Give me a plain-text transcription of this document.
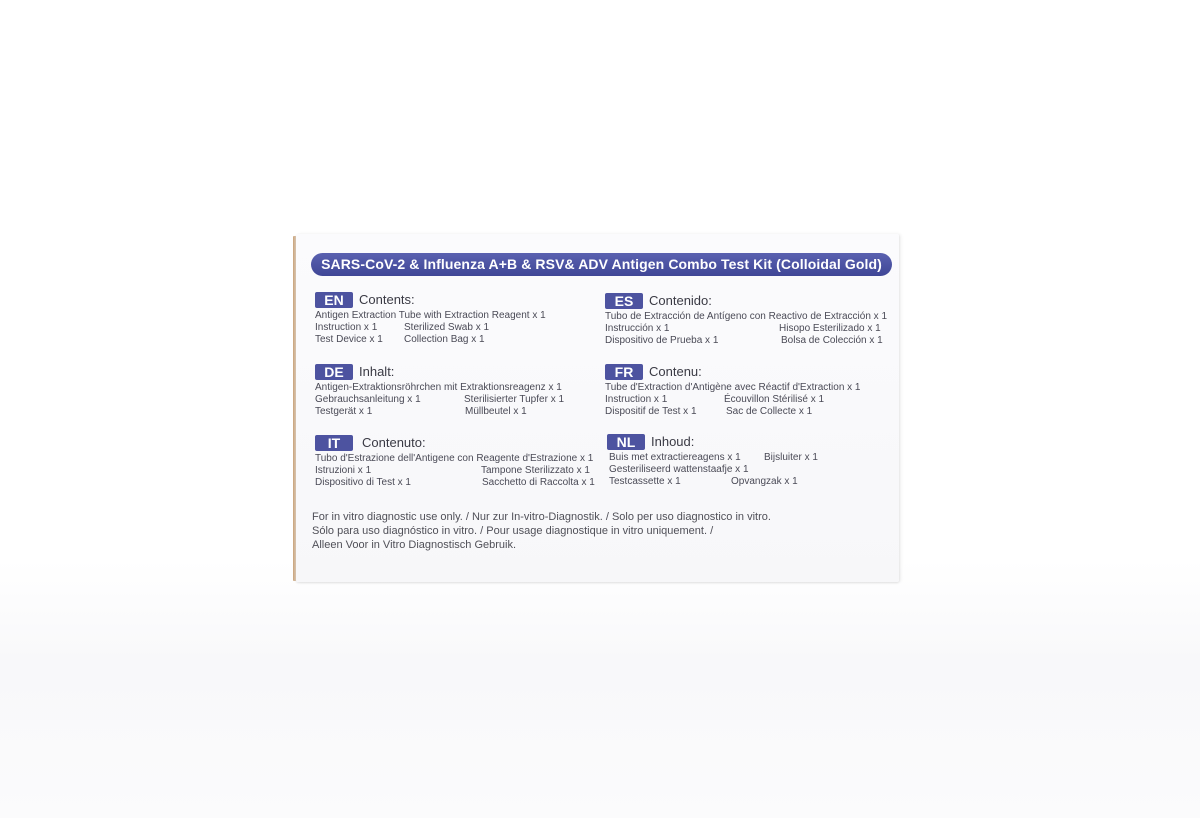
SARS-CoV-2 & Influenza A+B & RSV& ADV Antigen Combo Test Kit (Colloidal Gold)
EN	Contents:
Antigen Extraction Tube with Extraction Reagent x 1
Instruction x 1	Sterilized Swab x 1
Test Device x 1 Collection Bag x 1
ES	Contenido:
Tubo de Extracción de Antígeno con Reactivo de Extracción x 1
Instrucción x 1	Hisopo Esterilizado x 1
Dispositivo de Prueba x 1	Bolsa de Colección x 1
DE	Inhalt:
Antigen-Extraktionsröhrchen mit Extraktionsreagenz x 1
Gebrauchsanleitung x 1	Sterilisierter Tupfer x 1
Testgerät x 1	Müllbeutel x 1
FR	Contenu:
Tube d'Extraction d'Antigène avec Réactif d'Extraction x 1
Instruction x 1	Écouvillon Stérilisé x 1
Dispositif de Test x 1	Sac de Collecte x 1
IT	Contenuto:
Tubo d'Estrazione dell'Antigene con Reagente d'Estrazione x 1
Istruzioni x 1	Tampone Sterilizzato x 1
Dispositivo di Test x 1	Sacchetto di Raccolta x 1
NL	Inhoud:
Buis met extractiereagens x 1 Bijsluiter x 1
Gesteriliseerd wattenstaafje x 1
Testcassette x 1	Opvangzak x 1
For in vitro diagnostic use only. / Nur zur In-vitro-Diagnostik. / Solo per uso diagnostico in vitro.
Sólo para uso diagnóstico in vitro. / Pour usage diagnostique in vitro uniquement. /
Alleen Voor in Vitro Diagnostisch Gebruik.
